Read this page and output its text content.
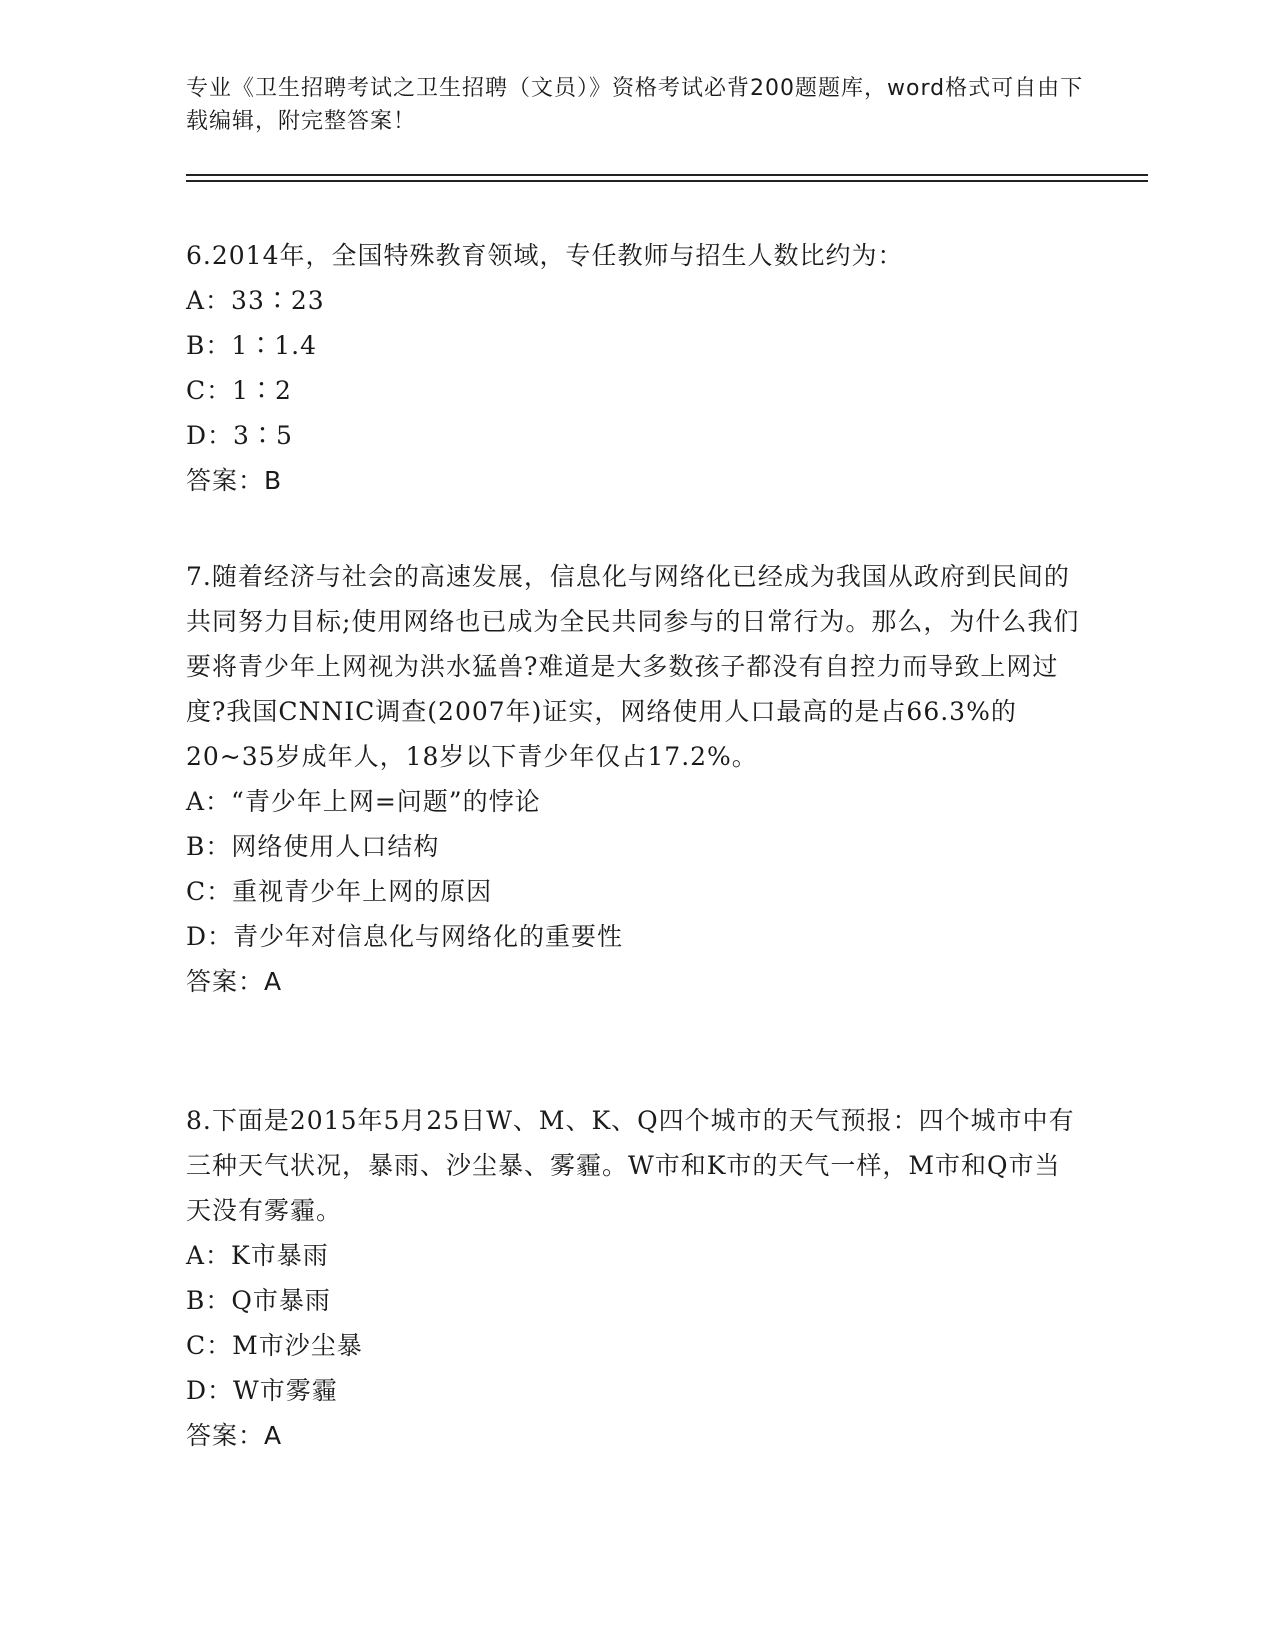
专业《卫生招聘考试之卫生招聘（文员）》资格考试必背200题题库，word格式可自由下载编辑，附完整答案！

6.2014年，全国特殊教育领域，专任教师与招生人数比约为：

A：33∶23

B：1∶1.4

C：1∶2

D：3∶5

答案：B

7.随着经济与社会的高速发展，信息化与网络化已经成为我国从政府到民间的共同努力目标;使用网络也已成为全民共同参与的日常行为。那么，为什么我们要将青少年上网视为洪水猛兽?难道是大多数孩子都没有自控力而导致上网过度?我国CNNIC调查(2007年)证实，网络使用人口最高的是占66.3%的20~35岁成年人，18岁以下青少年仅占17.2%。

A：“青少年上网=问题”的悖论

B：网络使用人口结构

C：重视青少年上网的原因

D：青少年对信息化与网络化的重要性

答案：A

8.下面是2015年5月25日W、M、K、Q四个城市的天气预报：四个城市中有三种天气状况，暴雨、沙尘暴、雾霾。W市和K市的天气一样，M市和Q市当天没有雾霾。

A：K市暴雨

B：Q市暴雨

C：M市沙尘暴

D：W市雾霾

答案：A
